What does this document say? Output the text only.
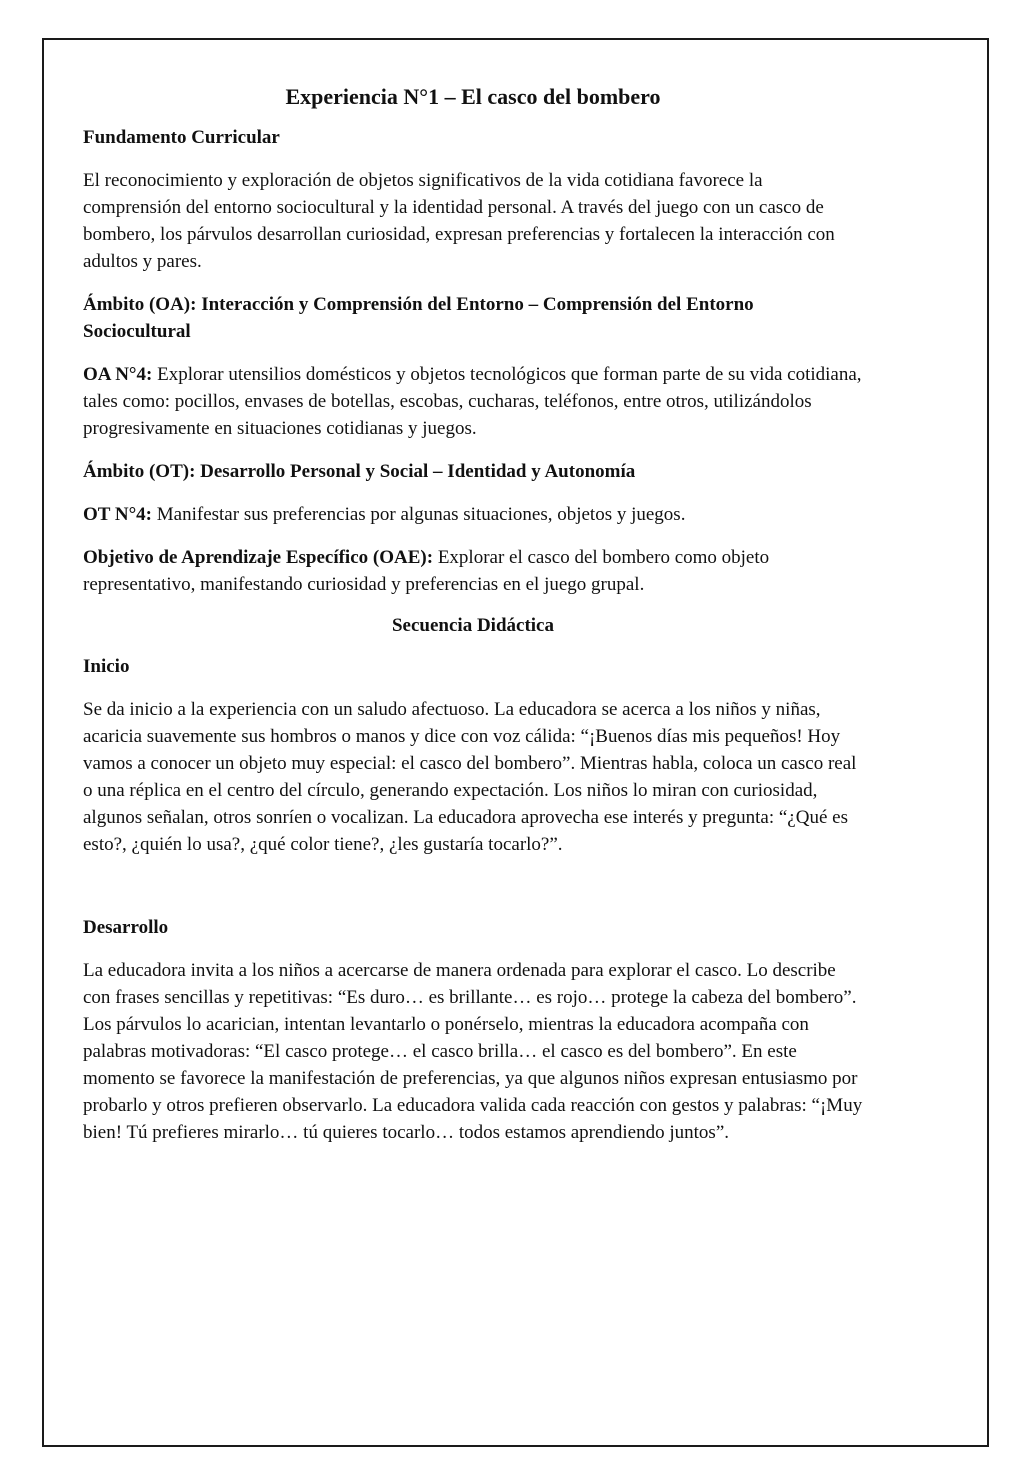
Experiencia N°1 – El casco del bombero

Fundamento Curricular

El reconocimiento y exploración de objetos significativos de la vida cotidiana favorece la comprensión del entorno sociocultural y la identidad personal. A través del juego con un casco de bombero, los párvulos desarrollan curiosidad, expresan preferencias y fortalecen la interacción con adultos y pares.

Ámbito (OA): Interacción y Comprensión del Entorno – Comprensión del Entorno Sociocultural

OA N°4: Explorar utensilios domésticos y objetos tecnológicos que forman parte de su vida cotidiana, tales como: pocillos, envases de botellas, escobas, cucharas, teléfonos, entre otros, utilizándolos progresivamente en situaciones cotidianas y juegos.

Ámbito (OT): Desarrollo Personal y Social – Identidad y Autonomía

OT N°4: Manifestar sus preferencias por algunas situaciones, objetos y juegos.

Objetivo de Aprendizaje Específico (OAE): Explorar el casco del bombero como objeto representativo, manifestando curiosidad y preferencias en el juego grupal.

Secuencia Didáctica

Inicio

Se da inicio a la experiencia con un saludo afectuoso. La educadora se acerca a los niños y niñas, acaricia suavemente sus hombros o manos y dice con voz cálida: “¡Buenos días mis pequeños! Hoy vamos a conocer un objeto muy especial: el casco del bombero”. Mientras habla, coloca un casco real o una réplica en el centro del círculo, generando expectación. Los niños lo miran con curiosidad, algunos señalan, otros sonríen o vocalizan. La educadora aprovecha ese interés y pregunta: “¿Qué es esto?, ¿quién lo usa?, ¿qué color tiene?, ¿les gustaría tocarlo?”.

Desarrollo

La educadora invita a los niños a acercarse de manera ordenada para explorar el casco. Lo describe con frases sencillas y repetitivas: “Es duro… es brillante… es rojo… protege la cabeza del bombero”. Los párvulos lo acarician, intentan levantarlo o ponérselo, mientras la educadora acompaña con palabras motivadoras: “El casco protege… el casco brilla… el casco es del bombero”. En este momento se favorece la manifestación de preferencias, ya que algunos niños expresan entusiasmo por probarlo y otros prefieren observarlo. La educadora valida cada reacción con gestos y palabras: “¡Muy bien! Tú prefieres mirarlo… tú quieres tocarlo… todos estamos aprendiendo juntos”.
